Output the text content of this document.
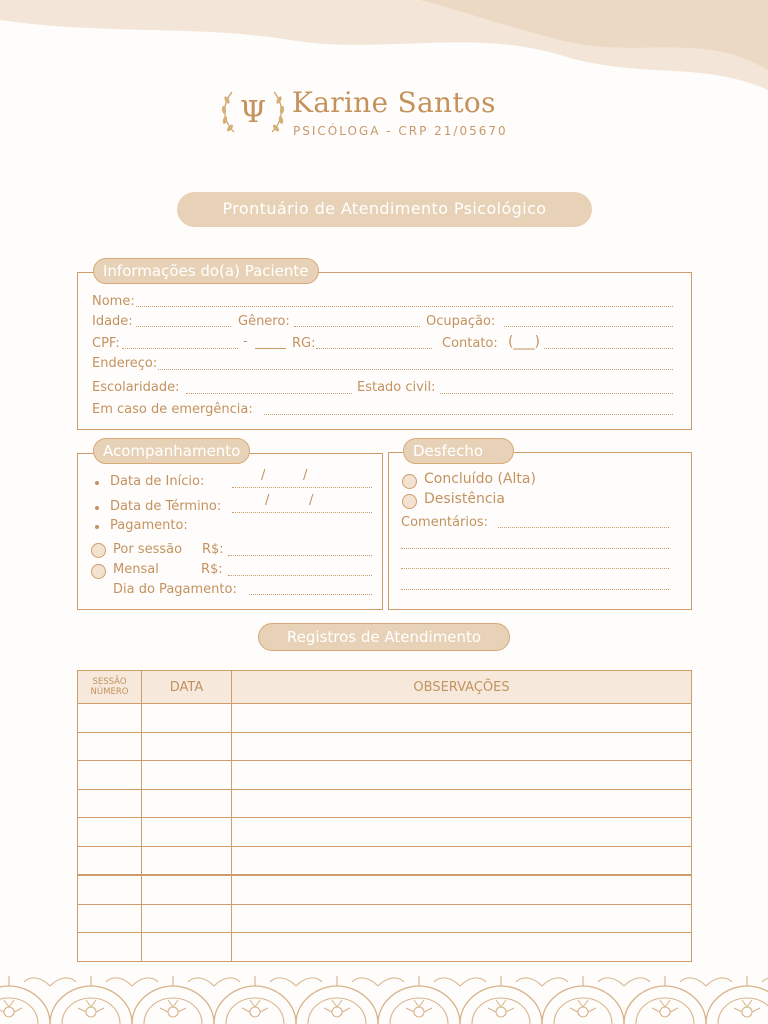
Ψ Karine Santos
PSICÓLOGA - CRP 21/05670
Prontuário de Atendimento Psicológico
Informações do(a) Paciente
Nome:
Idade:	Gênero:	Ocupação:
CPF:	-	RG:	Contato: (___)
Endereço:
Escolaridade:	Estado civil:
Em caso de emergência:
Acompanhamento
Data de Início:	/	/
Data de Término:	/	/
Pagamento:
Por sessão R$:
Mensal	R$:
Dia do Pagamento:
Desfecho
Concluído (Alta)
Desistência
Comentários:
Registros de Atendimento
SESSÃO
NÚMERO	DATA	OBSERVAÇÕES
